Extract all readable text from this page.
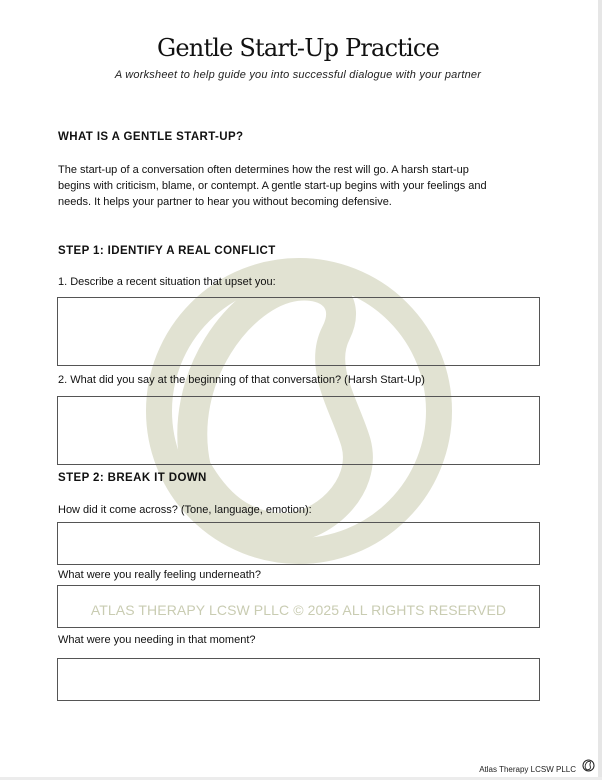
Gentle Start-Up Practice
A worksheet to help guide you into successful dialogue with your partner
WHAT IS A GENTLE START-UP?
The start-up of a conversation often determines how the rest will go. A harsh start-up
begins with criticism, blame, or contempt. A gentle start-up begins with your feelings and
needs. It helps your partner to hear you without becoming defensive.
STEP 1: IDENTIFY A REAL CONFLICT
1. Describe a recent situation that upset you:
2. What did you say at the beginning of that conversation? (Harsh Start-Up)
STEP 2: BREAK IT DOWN
How did it come across? (Tone, language, emotion):
What were you really feeling underneath?
ATLAS THERAPY LCSW PLLC © 2025 ALL RIGHTS RESERVED
What were you needing in that moment?
Atlas Therapy LCSW PLLC
